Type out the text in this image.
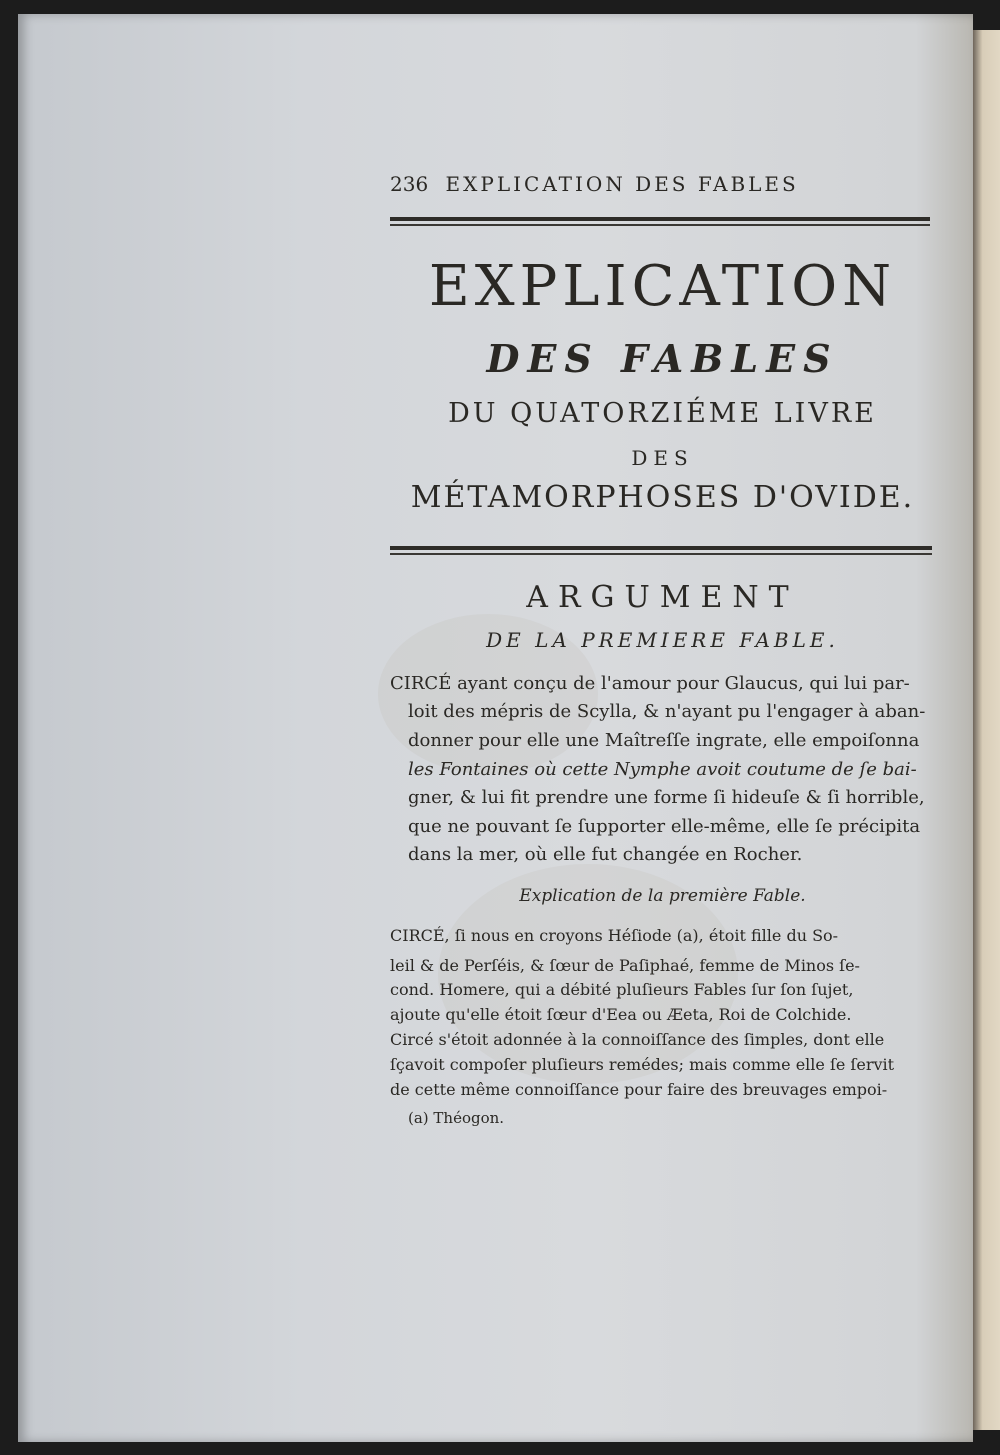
236 EXPLICATION DES FABLES
EXPLICATION
DES FABLES
DU QUATORZIÉME LIVRE
DES
MÉTAMORPHOSES D'OVIDE.
ARGUMENT
DE LA PREMIERE FABLE.
CIRCÉ ayant conçu de l'amour pour Glaucus, qui lui par-
loit des mépris de Scylla, & n'ayant pu l'engager à aban-
donner pour elle une Maîtreſſe ingrate, elle empoiſonna
les Fontaines où cette Nymphe avoit coutume de ſe bai-
gner, & lui fit prendre une forme ſi hideuſe & ſi horrible,
que ne pouvant ſe ſupporter elle-même, elle ſe précipita
dans la mer, où elle fut changée en Rocher.
Explication de la première Fable.
CIRCÉ, ſi nous en croyons Héſiode (a), étoit fille du So-
leil & de Perſéis, & ſœur de Paſiphaé, femme de Minos ſe-
cond. Homere, qui a débité pluſieurs Fables ſur ſon ſujet,
ajoute qu'elle étoit ſœur d'Eea ou Æeta, Roi de Colchide.
Circé s'étoit adonnée à la connoiſſance des ſimples, dont elle
ſçavoit compoſer pluſieurs remédes; mais comme elle ſe ſervit
de cette même connoiſſance pour faire des breuvages empoi-
(a) Théogon.
